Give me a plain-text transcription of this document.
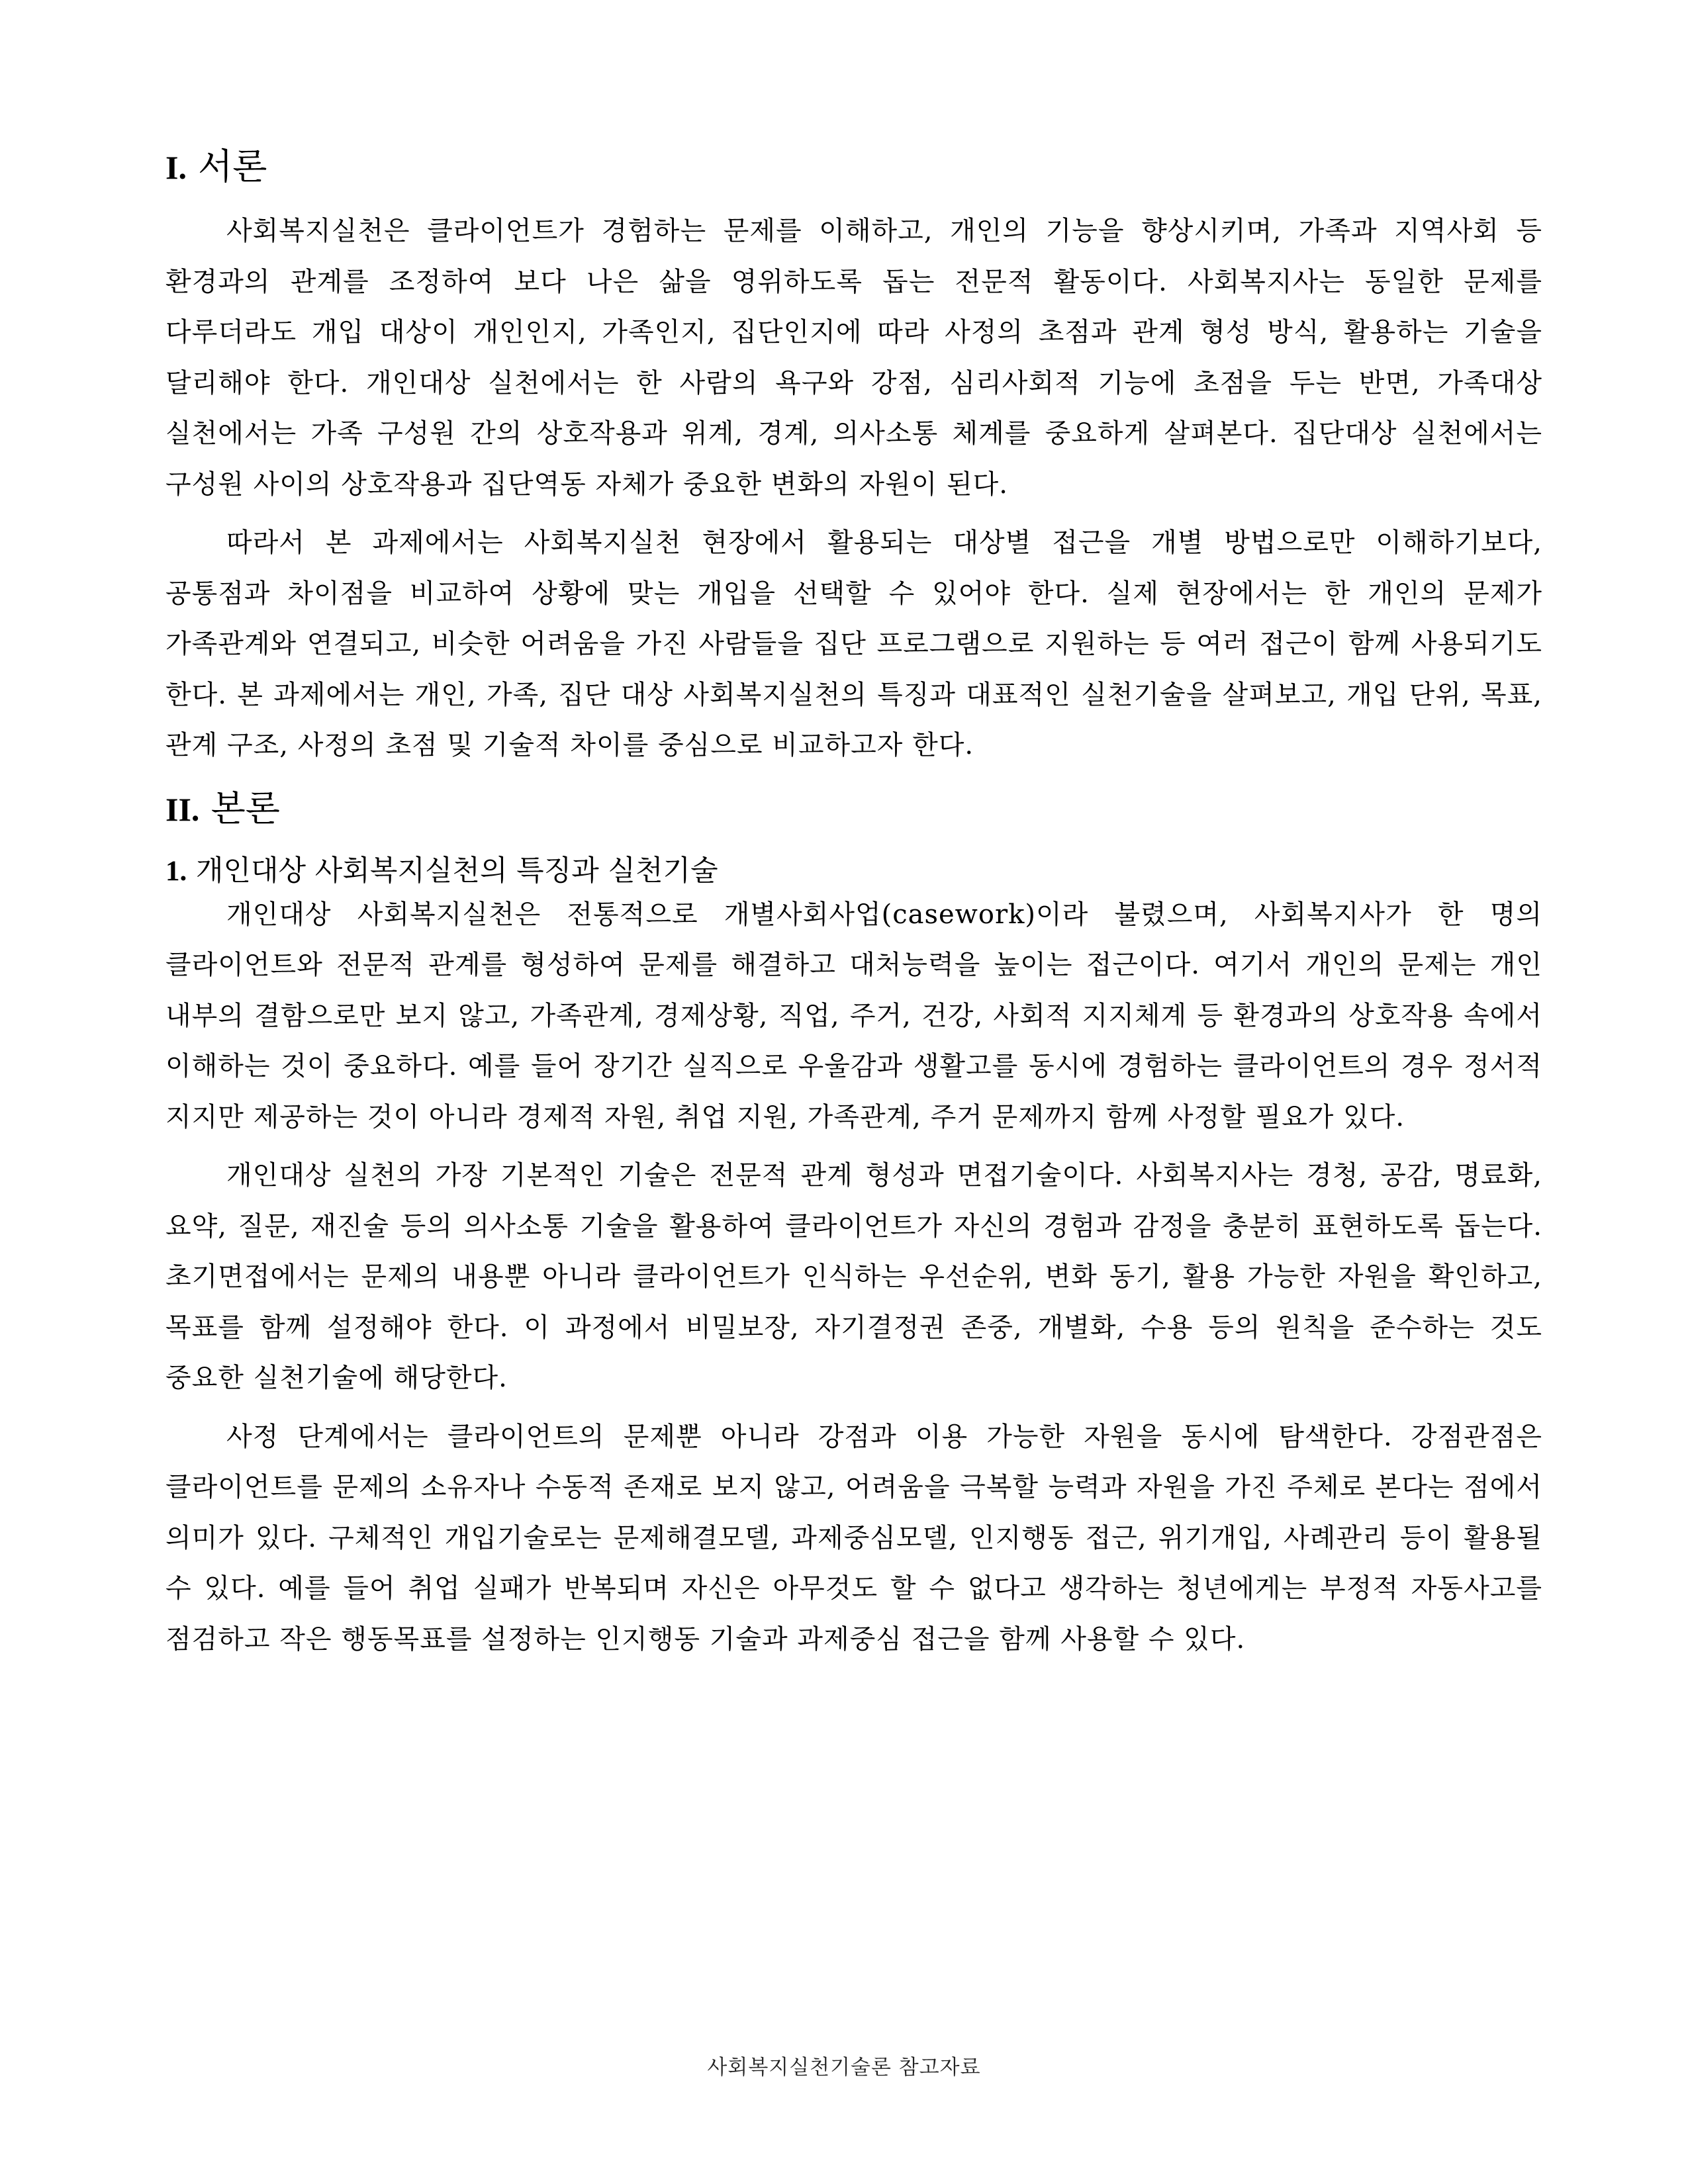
I. 서론

사회복지실천은 클라이언트가 경험하는 문제를 이해하고, 개인의 기능을 향상시키며, 가족과 지역사회 등 환경과의 관계를 조정하여 보다 나은 삶을 영위하도록 돕는 전문적 활동이다. 사회복지사는 동일한 문제를 다루더라도 개입 대상이 개인인지, 가족인지, 집단인지에 따라 사정의 초점과 관계 형성 방식, 활용하는 기술을 달리해야 한다. 개인대상 실천에서는 한 사람의 욕구와 강점, 심리사회적 기능에 초점을 두는 반면, 가족대상 실천에서는 가족 구성원 간의 상호작용과 위계, 경계, 의사소통 체계를 중요하게 살펴본다. 집단대상 실천에서는 구성원 사이의 상호작용과 집단역동 자체가 중요한 변화의 자원이 된다.

따라서 본 과제에서는 사회복지실천 현장에서 활용되는 대상별 접근을 개별 방법으로만 이해하기보다, 공통점과 차이점을 비교하여 상황에 맞는 개입을 선택할 수 있어야 한다. 실제 현장에서는 한 개인의 문제가 가족관계와 연결되고, 비슷한 어려움을 가진 사람들을 집단 프로그램으로 지원하는 등 여러 접근이 함께 사용되기도 한다. 본 과제에서는 개인, 가족, 집단 대상 사회복지실천의 특징과 대표적인 실천기술을 살펴보고, 개입 단위, 목표, 관계 구조, 사정의 초점 및 기술적 차이를 중심으로 비교하고자 한다.

II. 본론
1. 개인대상 사회복지실천의 특징과 실천기술

개인대상 사회복지실천은 전통적으로 개별사회사업(casework)이라 불렸으며, 사회복지사가 한 명의 클라이언트와 전문적 관계를 형성하여 문제를 해결하고 대처능력을 높이는 접근이다. 여기서 개인의 문제는 개인 내부의 결함으로만 보지 않고, 가족관계, 경제상황, 직업, 주거, 건강, 사회적 지지체계 등 환경과의 상호작용 속에서 이해하는 것이 중요하다. 예를 들어 장기간 실직으로 우울감과 생활고를 동시에 경험하는 클라이언트의 경우 정서적 지지만 제공하는 것이 아니라 경제적 자원, 취업 지원, 가족관계, 주거 문제까지 함께 사정할 필요가 있다.

개인대상 실천의 가장 기본적인 기술은 전문적 관계 형성과 면접기술이다. 사회복지사는 경청, 공감, 명료화, 요약, 질문, 재진술 등의 의사소통 기술을 활용하여 클라이언트가 자신의 경험과 감정을 충분히 표현하도록 돕는다. 초기면접에서는 문제의 내용뿐 아니라 클라이언트가 인식하는 우선순위, 변화 동기, 활용 가능한 자원을 확인하고, 목표를 함께 설정해야 한다. 이 과정에서 비밀보장, 자기결정권 존중, 개별화, 수용 등의 원칙을 준수하는 것도 중요한 실천기술에 해당한다.

사정 단계에서는 클라이언트의 문제뿐 아니라 강점과 이용 가능한 자원을 동시에 탐색한다. 강점관점은 클라이언트를 문제의 소유자나 수동적 존재로 보지 않고, 어려움을 극복할 능력과 자원을 가진 주체로 본다는 점에서 의미가 있다. 구체적인 개입기술로는 문제해결모델, 과제중심모델, 인지행동 접근, 위기개입, 사례관리 등이 활용될 수 있다. 예를 들어 취업 실패가 반복되며 자신은 아무것도 할 수 없다고 생각하는 청년에게는 부정적 자동사고를 점검하고 작은 행동목표를 설정하는 인지행동 기술과 과제중심 접근을 함께 사용할 수 있다.

사회복지실천기술론 참고자료
